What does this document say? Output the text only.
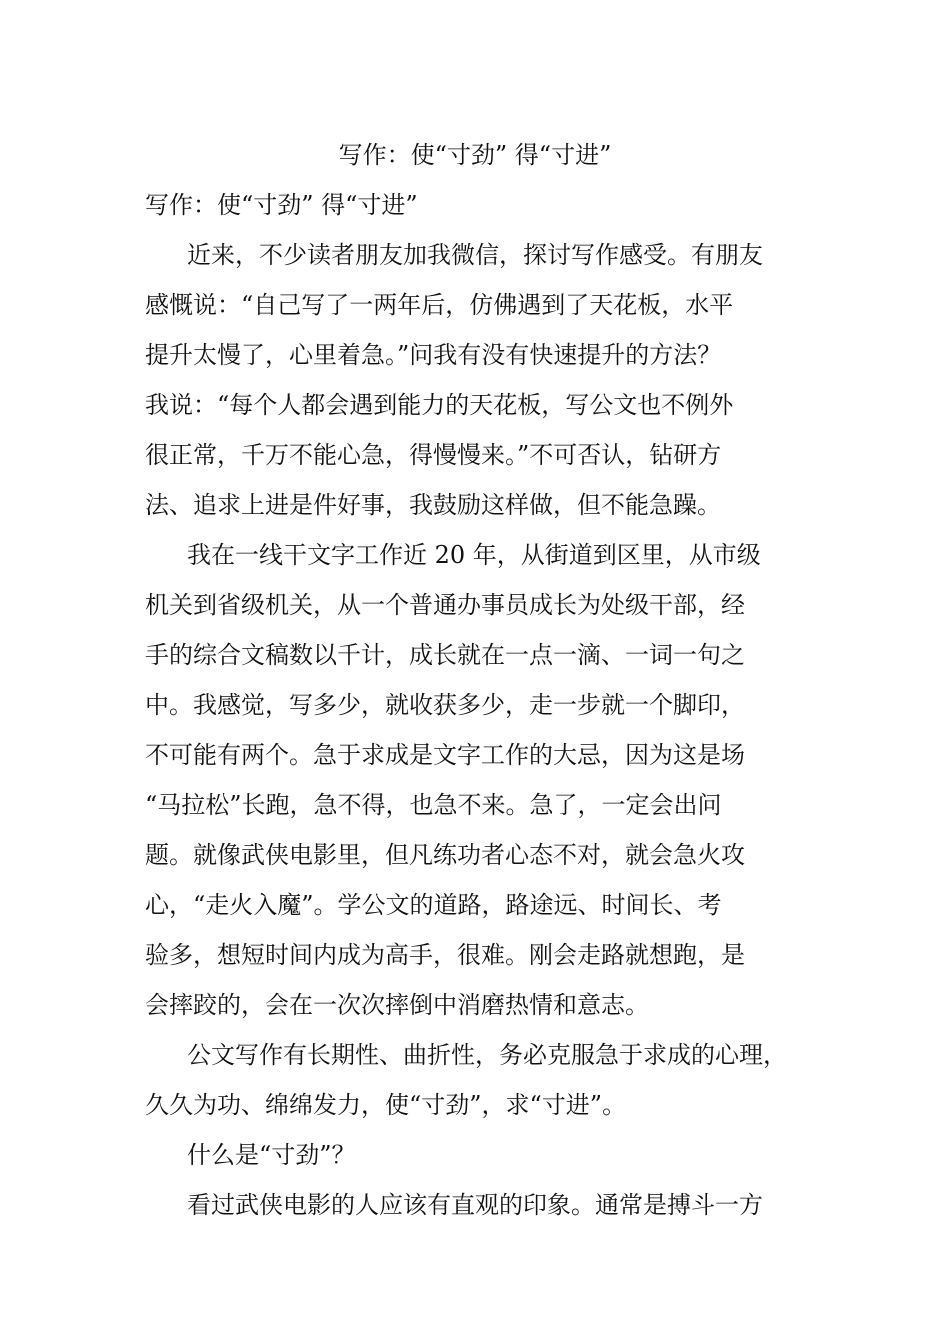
写作：使“寸劲” 得“寸进”

写作：使“寸劲” 得“寸进”

近来，不少读者朋友加我微信，探讨写作感受。有朋友

感慨说：“自己写了一两年后，仿佛遇到了天花板，水平

提升太慢了，心里着急。”问我有没有快速提升的方法？

我说：“每个人都会遇到能力的天花板，写公文也不例外

很正常，千万不能心急，得慢慢来。”不可否认，钻研方

法、追求上进是件好事，我鼓励这样做，但不能急躁。

我在一线干文字工作近 20 年，从街道到区里，从市级

机关到省级机关，从一个普通办事员成长为处级干部，经

手的综合文稿数以千计，成长就在一点一滴、一词一句之

中。我感觉，写多少，就收获多少，走一步就一个脚印，

不可能有两个。急于求成是文字工作的大忌，因为这是场

“马拉松”长跑，急不得，也急不来。急了，一定会出问

题。就像武侠电影里，但凡练功者心态不对，就会急火攻

心，“走火入魔”。学公文的道路，路途远、时间长、考

验多，想短时间内成为高手，很难。刚会走路就想跑，是

会摔跤的，会在一次次摔倒中消磨热情和意志。

公文写作有长期性、曲折性，务必克服急于求成的心理，

久久为功、绵绵发力，使“寸劲”，求“寸进”。

什么是“寸劲”？

看过武侠电影的人应该有直观的印象。通常是搏斗一方
